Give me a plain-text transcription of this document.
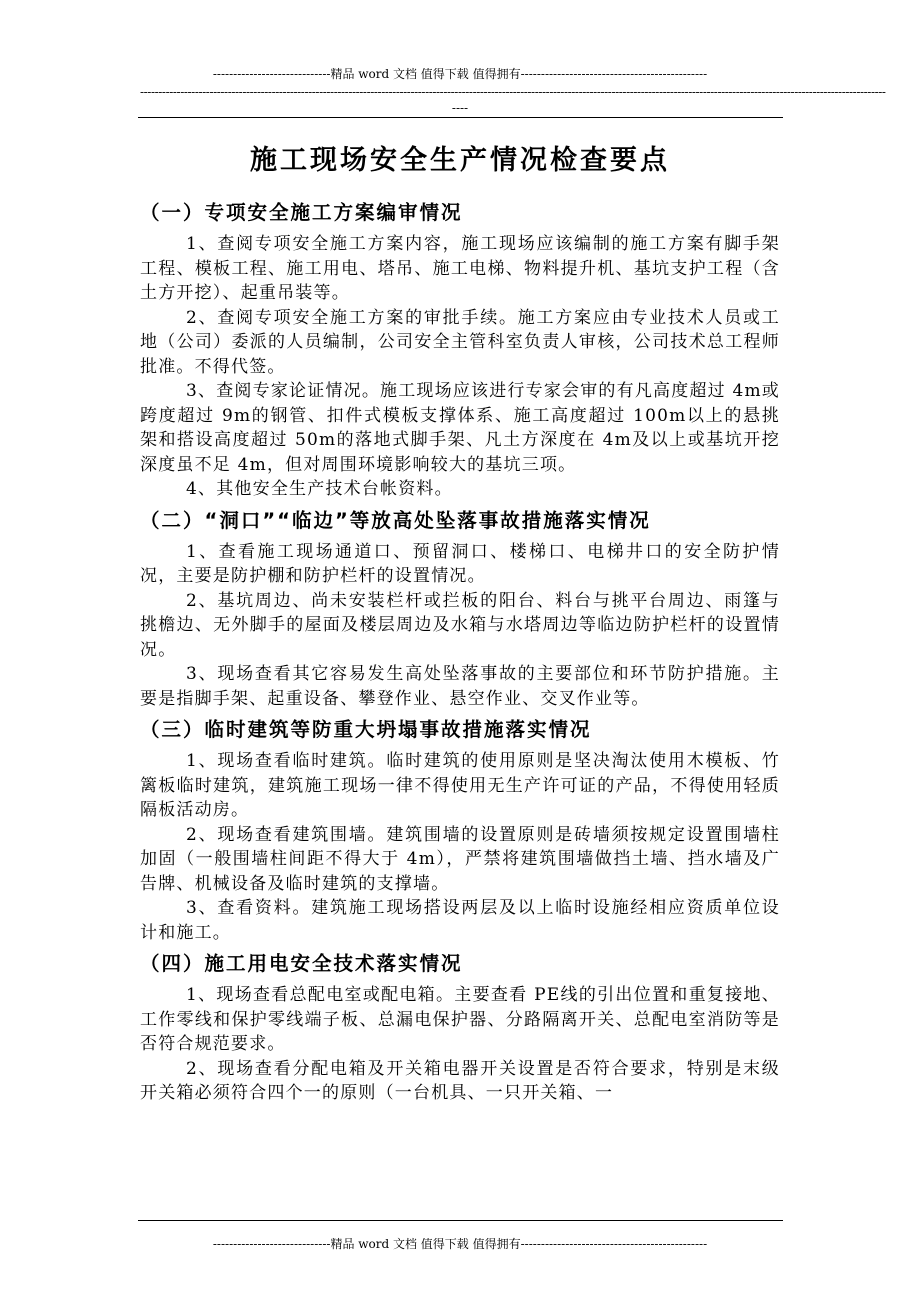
-----------------------------精品 word 文档 值得下载 值得拥有----------------------------------------------
------------------------------------------------------------------------------------------------------------------------------------------------------------------------------------------------------------
----
施工现场安全生产情况检查要点
（一）专项安全施工方案编审情况

1、查阅专项安全施工方案内容，施工现场应该编制的施工方案有脚手架工程、模板工程、施工用电、塔吊、施工电梯、物料提升机、基坑支护工程（含土方开挖）、起重吊装等。

2、查阅专项安全施工方案的审批手续。施工方案应由专业技术人员或工地（公司）委派的人员编制，公司安全主管科室负责人审核，公司技术总工程师批准。不得代签。

3、查阅专家论证情况。施工现场应该进行专家会审的有凡高度超过 4m或跨度超过 9m的钢管、扣件式模板支撑体系、施工高度超过 100m以上的悬挑架和搭设高度超过 50m的落地式脚手架、凡土方深度在 4m及以上或基坑开挖深度虽不足 4m，但对周围环境影响较大的基坑三项。

4、其他安全生产技术台帐资料。

（二）“洞口”“临边”等放高处坠落事故措施落实情况

1、查看施工现场通道口、预留洞口、楼梯口、电梯井口的安全防护情况，主要是防护棚和防护栏杆的设置情况。

2、基坑周边、尚未安装栏杆或拦板的阳台、料台与挑平台周边、雨篷与挑檐边、无外脚手的屋面及楼层周边及水箱与水塔周边等临边防护栏杆的设置情况。

3、现场查看其它容易发生高处坠落事故的主要部位和环节防护措施。主要是指脚手架、起重设备、攀登作业、悬空作业、交叉作业等。

（三）临时建筑等防重大坍塌事故措施落实情况

1、现场查看临时建筑。临时建筑的使用原则是坚决淘汰使用木模板、竹篱板临时建筑，建筑施工现场一律不得使用无生产许可证的产品，不得使用轻质隔板活动房。

2、现场查看建筑围墙。建筑围墙的设置原则是砖墙须按规定设置围墙柱加固（一般围墙柱间距不得大于 4m），严禁将建筑围墙做挡土墙、挡水墙及广告牌、机械设备及临时建筑的支撑墙。

3、查看资料。建筑施工现场搭设两层及以上临时设施经相应资质单位设计和施工。

（四）施工用电安全技术落实情况

1、现场查看总配电室或配电箱。主要查看 PE线的引出位置和重复接地、工作零线和保护零线端子板、总漏电保护器、分路隔离开关、总配电室消防等是否符合规范要求。

2、现场查看分配电箱及开关箱电器开关设置是否符合要求，特别是末级开关箱必须符合四个一的原则（一台机具、一只开关箱、一

-----------------------------精品 word 文档 值得下载 值得拥有----------------------------------------------
